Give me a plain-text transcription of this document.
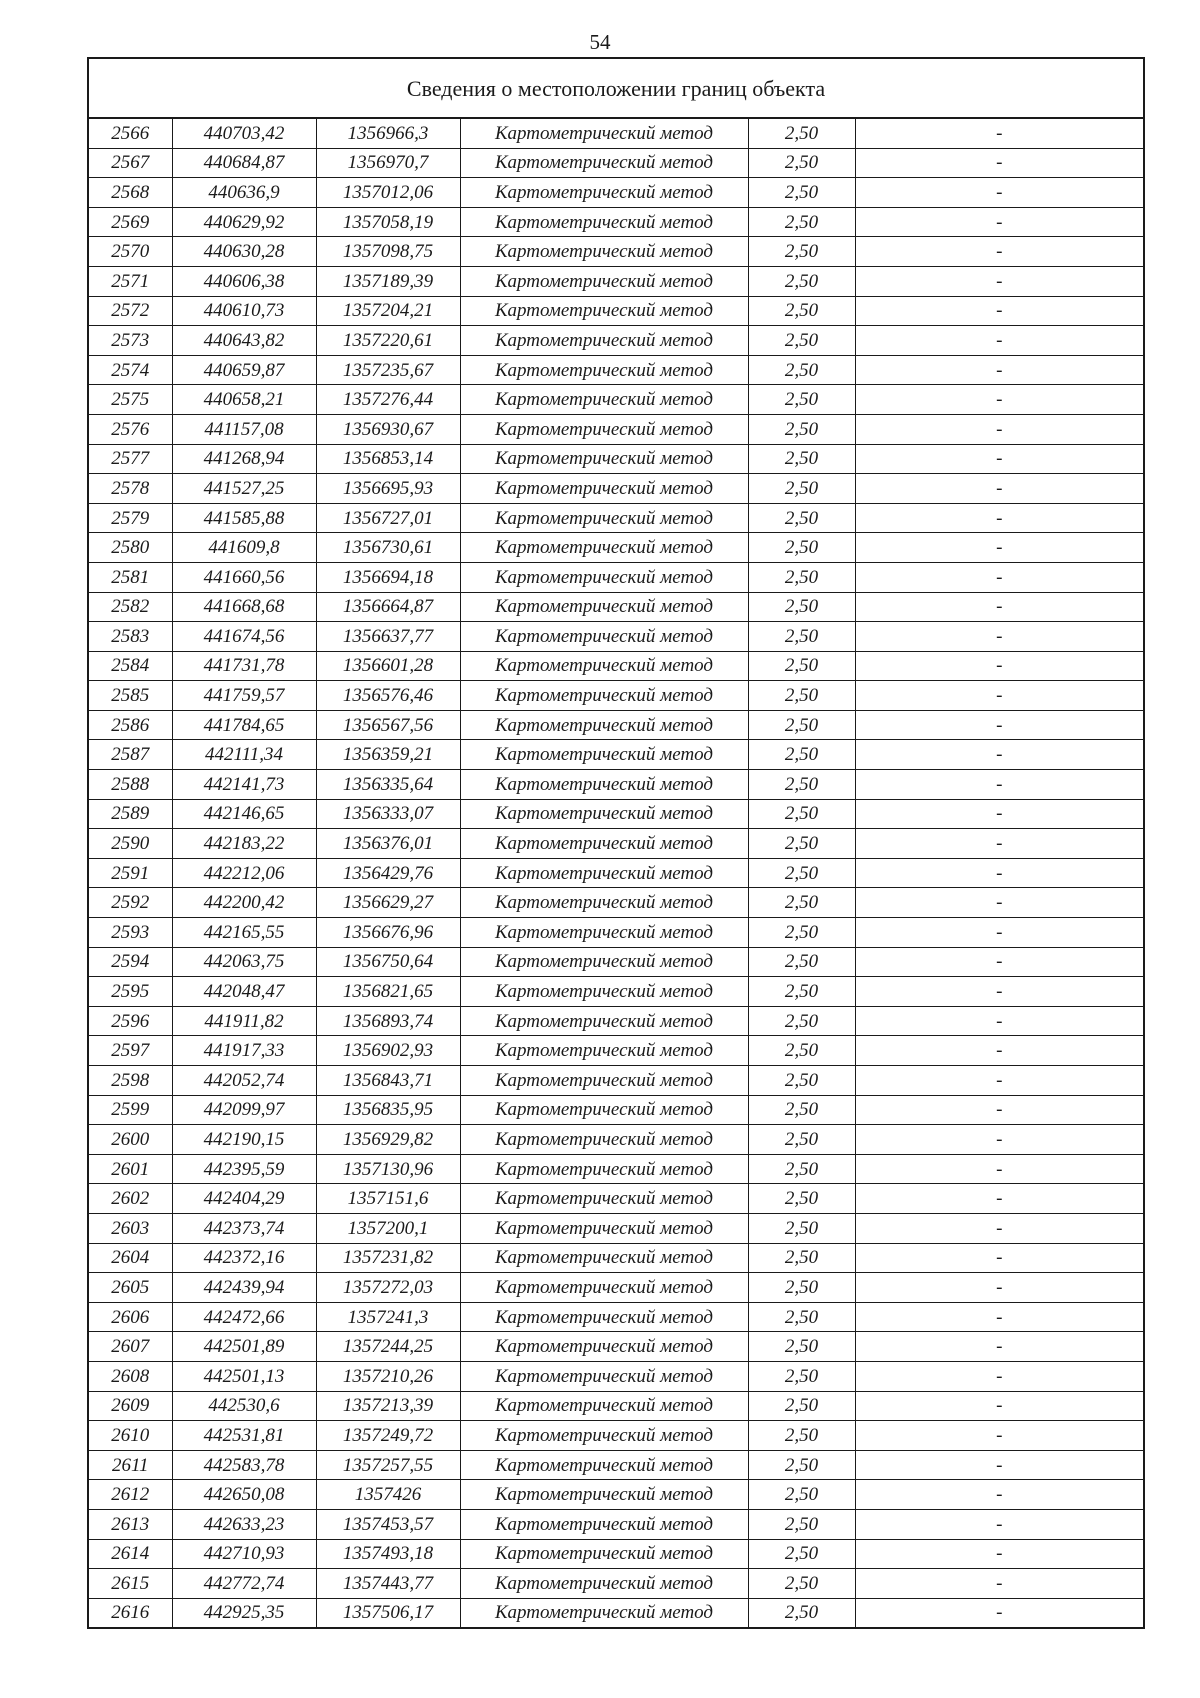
54
Сведения о местоположении границ объекта
2566	440703,42	1356966,3	Картометрический метод	2,50	-
2567	440684,87	1356970,7	Картометрический метод	2,50	-
2568	440636,9	1357012,06	Картометрический метод	2,50	-
2569	440629,92	1357058,19	Картометрический метод	2,50	-
2570	440630,28	1357098,75	Картометрический метод	2,50	-
2571	440606,38	1357189,39	Картометрический метод	2,50	-
2572	440610,73	1357204,21	Картометрический метод	2,50	-
2573	440643,82	1357220,61	Картометрический метод	2,50	-
2574	440659,87	1357235,67	Картометрический метод	2,50	-
2575	440658,21	1357276,44	Картометрический метод	2,50	-
2576	441157,08	1356930,67	Картометрический метод	2,50	-
2577	441268,94	1356853,14	Картометрический метод	2,50	-
2578	441527,25	1356695,93	Картометрический метод	2,50	-
2579	441585,88	1356727,01	Картометрический метод	2,50	-
2580	441609,8	1356730,61	Картометрический метод	2,50	-
2581	441660,56	1356694,18	Картометрический метод	2,50	-
2582	441668,68	1356664,87	Картометрический метод	2,50	-
2583	441674,56	1356637,77	Картометрический метод	2,50	-
2584	441731,78	1356601,28	Картометрический метод	2,50	-
2585	441759,57	1356576,46	Картометрический метод	2,50	-
2586	441784,65	1356567,56	Картометрический метод	2,50	-
2587	442111,34	1356359,21	Картометрический метод	2,50	-
2588	442141,73	1356335,64	Картометрический метод	2,50	-
2589	442146,65	1356333,07	Картометрический метод	2,50	-
2590	442183,22	1356376,01	Картометрический метод	2,50	-
2591	442212,06	1356429,76	Картометрический метод	2,50	-
2592	442200,42	1356629,27	Картометрический метод	2,50	-
2593	442165,55	1356676,96	Картометрический метод	2,50	-
2594	442063,75	1356750,64	Картометрический метод	2,50	-
2595	442048,47	1356821,65	Картометрический метод	2,50	-
2596	441911,82	1356893,74	Картометрический метод	2,50	-
2597	441917,33	1356902,93	Картометрический метод	2,50	-
2598	442052,74	1356843,71	Картометрический метод	2,50	-
2599	442099,97	1356835,95	Картометрический метод	2,50	-
2600	442190,15	1356929,82	Картометрический метод	2,50	-
2601	442395,59	1357130,96	Картометрический метод	2,50	-
2602	442404,29	1357151,6	Картометрический метод	2,50	-
2603	442373,74	1357200,1	Картометрический метод	2,50	-
2604	442372,16	1357231,82	Картометрический метод	2,50	-
2605	442439,94	1357272,03	Картометрический метод	2,50	-
2606	442472,66	1357241,3	Картометрический метод	2,50	-
2607	442501,89	1357244,25	Картометрический метод	2,50	-
2608	442501,13	1357210,26	Картометрический метод	2,50	-
2609	442530,6	1357213,39	Картометрический метод	2,50	-
2610	442531,81	1357249,72	Картометрический метод	2,50	-
2611	442583,78	1357257,55	Картометрический метод	2,50	-
2612	442650,08	1357426	Картометрический метод	2,50	-
2613	442633,23	1357453,57	Картометрический метод	2,50	-
2614	442710,93	1357493,18	Картометрический метод	2,50	-
2615	442772,74	1357443,77	Картометрический метод	2,50	-
2616	442925,35	1357506,17	Картометрический метод	2,50	-
